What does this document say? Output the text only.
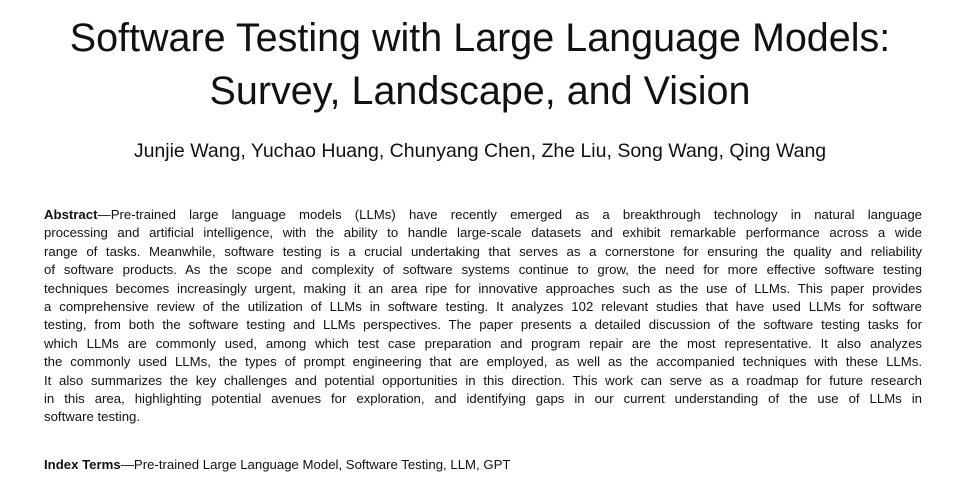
Software Testing with Large Language Models:
Survey, Landscape, and Vision

Junjie Wang, Yuchao Huang, Chunyang Chen, Zhe Liu, Song Wang, Qing Wang

Abstract—Pre-trained large language models (LLMs) have recently emerged as a breakthrough technology in natural language
processing and artificial intelligence, with the ability to handle large-scale datasets and exhibit remarkable performance across a wide
range of tasks. Meanwhile, software testing is a crucial undertaking that serves as a cornerstone for ensuring the quality and reliability
of software products. As the scope and complexity of software systems continue to grow, the need for more effective software testing
techniques becomes increasingly urgent, making it an area ripe for innovative approaches such as the use of LLMs. This paper provides
a comprehensive review of the utilization of LLMs in software testing. It analyzes 102 relevant studies that have used LLMs for software
testing, from both the software testing and LLMs perspectives. The paper presents a detailed discussion of the software testing tasks for
which LLMs are commonly used, among which test case preparation and program repair are the most representative. It also analyzes
the commonly used LLMs, the types of prompt engineering that are employed, as well as the accompanied techniques with these LLMs.
It also summarizes the key challenges and potential opportunities in this direction. This work can serve as a roadmap for future research
in this area, highlighting potential avenues for exploration, and identifying gaps in our current understanding of the use of LLMs in
software testing.

Index Terms—Pre-trained Large Language Model, Software Testing, LLM, GPT
